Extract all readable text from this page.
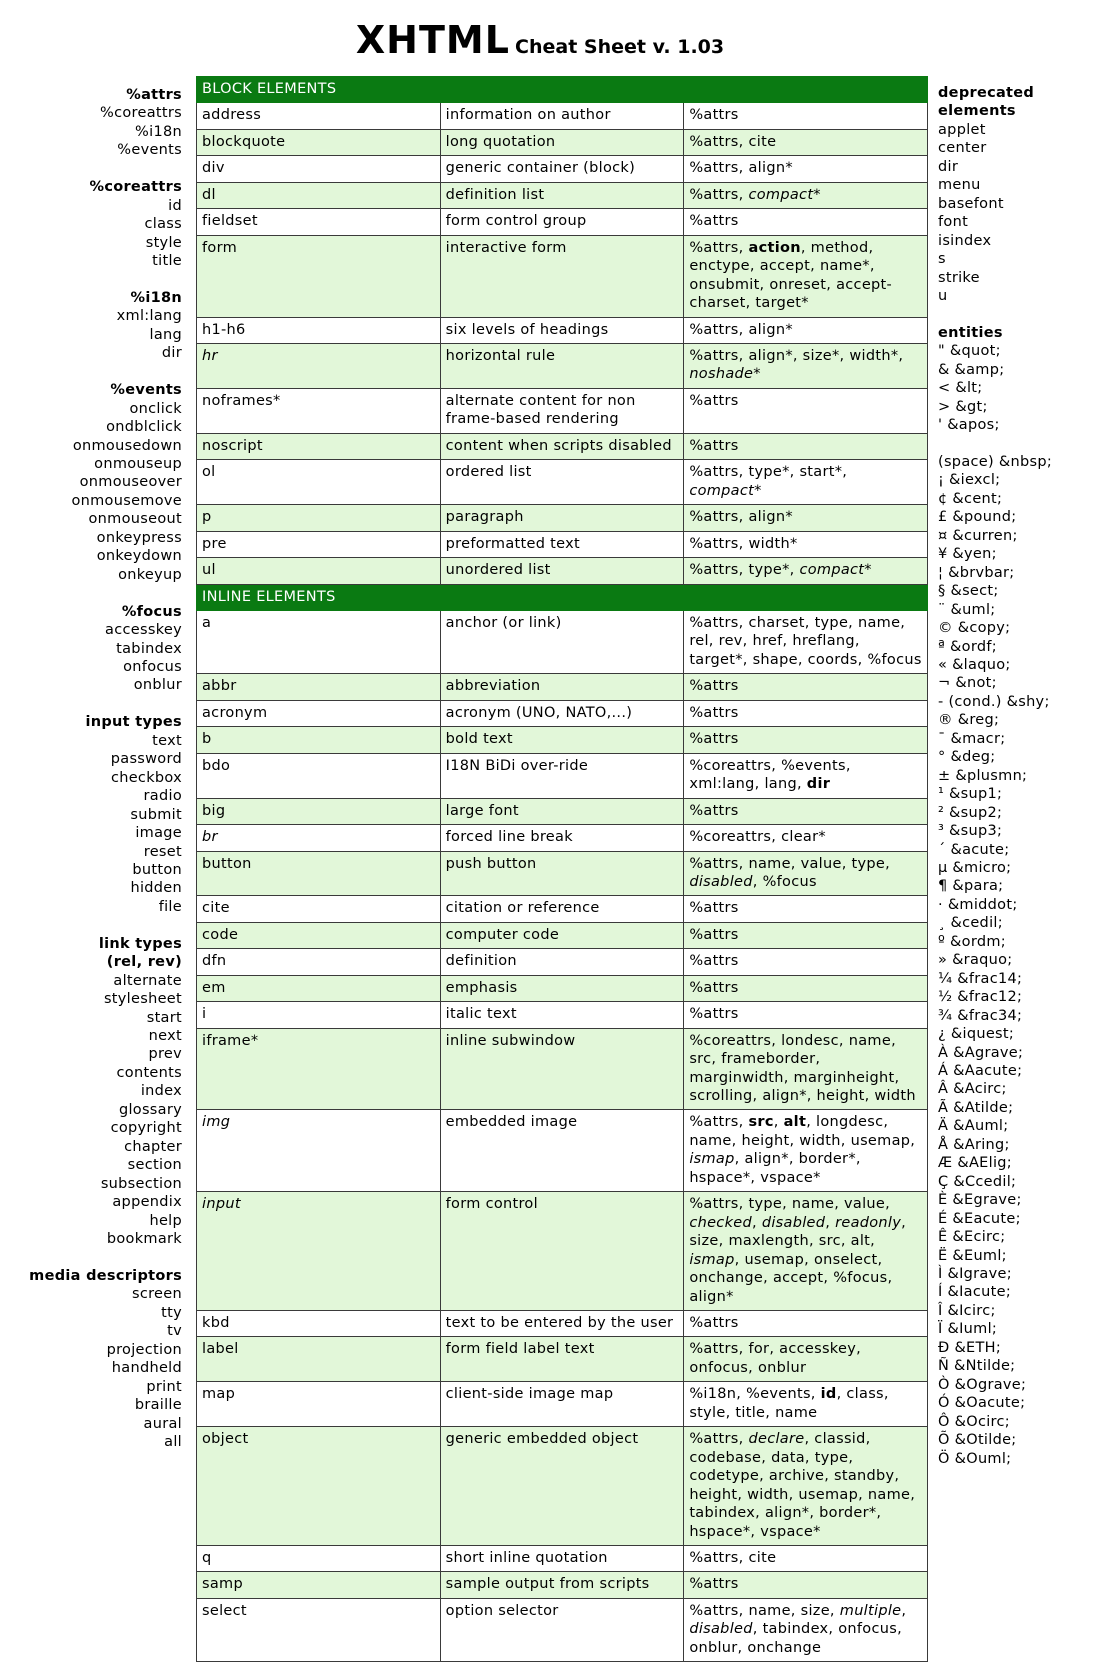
XHTML Cheat Sheet v. 1.03
%attrs
%coreattrs
%i18n
%events
%coreattrs
id
class
style
title
%i18n
xml:lang
lang
dir
%events
onclick
ondblclick
onmousedown
onmouseup
onmouseover
onmousemove
onmouseout
onkeypress
onkeydown
onkeyup
%focus
accesskey
tabindex
onfocus
onblur
input types
text
password
checkbox
radio
submit
image
reset
button
hidden
file
link types
(rel, rev)
alternate
stylesheet
start
next
prev
contents
index
glossary
copyright
chapter
section
subsection
appendix
help
bookmark
media descriptors
screen
tty
tv
projection
handheld
print
braille
aural
all
BLOCK ELEMENTS		
address	information on author	%attrs
blockquote	long quotation	%attrs, cite
div	generic container (block)	%attrs, align*
dl	definition list	%attrs, compact*
fieldset	form control group	%attrs
form	interactive form	%attrs, action, method, enctype, accept, name*, onsubmit, onreset, accept-charset, target*
h1-h6	six levels of headings	%attrs, align*
hr	horizontal rule	%attrs, align*, size*, width*, noshade*
noframes*	alternate content for non frame-based rendering	%attrs
noscript	content when scripts disabled	%attrs
ol	ordered list	%attrs, type*, start*, compact*
p	paragraph	%attrs, align*
pre	preformatted text	%attrs, width*
ul	unordered list	%attrs, type*, compact*
INLINE ELEMENTS		
a	anchor (or link)	%attrs, charset, type, name, rel, rev, href, hreflang, target*, shape, coords, %focus
abbr	abbreviation	%attrs
acronym	acronym (UNO, NATO,...)	%attrs
b	bold text	%attrs
bdo	I18N BiDi over-ride	%coreattrs, %events, xml:lang, lang, dir
big	large font	%attrs
br	forced line break	%coreattrs, clear*
button	push button	%attrs, name, value, type, disabled, %focus
cite	citation or reference	%attrs
code	computer code	%attrs
dfn	definition	%attrs
em	emphasis	%attrs
i	italic text	%attrs
iframe*	inline subwindow	%coreattrs, londesc, name, src, frameborder, marginwidth, marginheight, scrolling, align*, height, width
img	embedded image	%attrs, src, alt, longdesc, name, height, width, usemap, ismap, align*, border*, hspace*, vspace*
input	form control	%attrs, type, name, value, checked, disabled, readonly, size, maxlength, src, alt, ismap, usemap, onselect, onchange, accept, %focus, align*
kbd	text to be entered by the user	%attrs
label	form field label text	%attrs, for, accesskey, onfocus, onblur
map	client-side image map	%i18n, %events, id, class, style, title, name
object	generic embedded object	%attrs, declare, classid, codebase, data, type, codetype, archive, standby, height, width, usemap, name, tabindex, align*, border*, hspace*, vspace*
q	short inline quotation	%attrs, cite
samp	sample output from scripts	%attrs
select	option selector	%attrs, name, size, multiple, disabled, tabindex, onfocus, onblur, onchange
deprecated
elements
applet
center
dir
menu
basefont
font
isindex
s
strike
u
entities
" &quot;
& &amp;
< &lt;
> &gt;
' &apos;
(space) &nbsp;
¡ &iexcl;
¢ &cent;
£ &pound;
¤ &curren;
¥ &yen;
¦ &brvbar;
§ &sect;
¨ &uml;
© &copy;
ª &ordf;
« &laquo;
¬ &not;
- (cond.) &shy;
® &reg;
¯ &macr;
° &deg;
± &plusmn;
¹ &sup1;
² &sup2;
³ &sup3;
´ &acute;
µ &micro;
¶ &para;
· &middot;
¸ &cedil;
º &ordm;
» &raquo;
¼ &frac14;
½ &frac12;
¾ &frac34;
¿ &iquest;
À &Agrave;
Á &Aacute;
Â &Acirc;
Ã &Atilde;
Ä &Auml;
Å &Aring;
Æ &AElig;
Ç &Ccedil;
È &Egrave;
É &Eacute;
Ê &Ecirc;
Ë &Euml;
Ì &Igrave;
Í &Iacute;
Î &Icirc;
Ï &Iuml;
Ð &ETH;
Ñ &Ntilde;
Ò &Ograve;
Ó &Oacute;
Ô &Ocirc;
Õ &Otilde;
Ö &Ouml;
